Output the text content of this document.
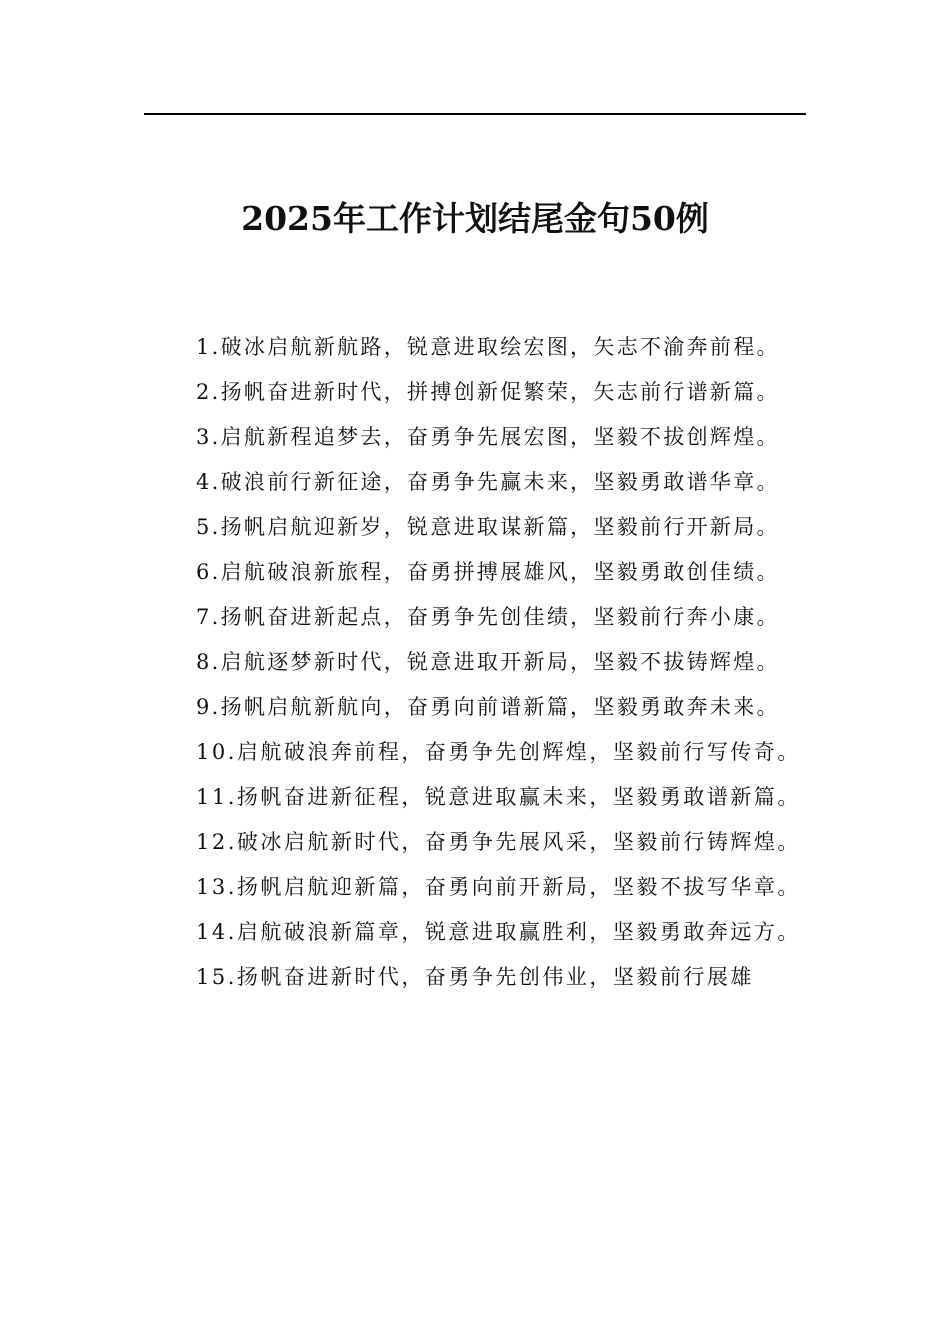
2025年工作计划结尾金句50例
1.破冰启航新航路，锐意进取绘宏图，矢志不渝奔前程。
2.扬帆奋进新时代，拼搏创新促繁荣，矢志前行谱新篇。
3.启航新程追梦去，奋勇争先展宏图，坚毅不拔创辉煌。
4.破浪前行新征途，奋勇争先赢未来，坚毅勇敢谱华章。
5.扬帆启航迎新岁，锐意进取谋新篇，坚毅前行开新局。
6.启航破浪新旅程，奋勇拼搏展雄风，坚毅勇敢创佳绩。
7.扬帆奋进新起点，奋勇争先创佳绩，坚毅前行奔小康。
8.启航逐梦新时代，锐意进取开新局，坚毅不拔铸辉煌。
9.扬帆启航新航向，奋勇向前谱新篇，坚毅勇敢奔未来。
10.启航破浪奔前程，奋勇争先创辉煌，坚毅前行写传奇。
11.扬帆奋进新征程，锐意进取赢未来，坚毅勇敢谱新篇。
12.破冰启航新时代，奋勇争先展风采，坚毅前行铸辉煌。
13.扬帆启航迎新篇，奋勇向前开新局，坚毅不拔写华章。
14.启航破浪新篇章，锐意进取赢胜利，坚毅勇敢奔远方。
15.扬帆奋进新时代，奋勇争先创伟业，坚毅前行展雄
